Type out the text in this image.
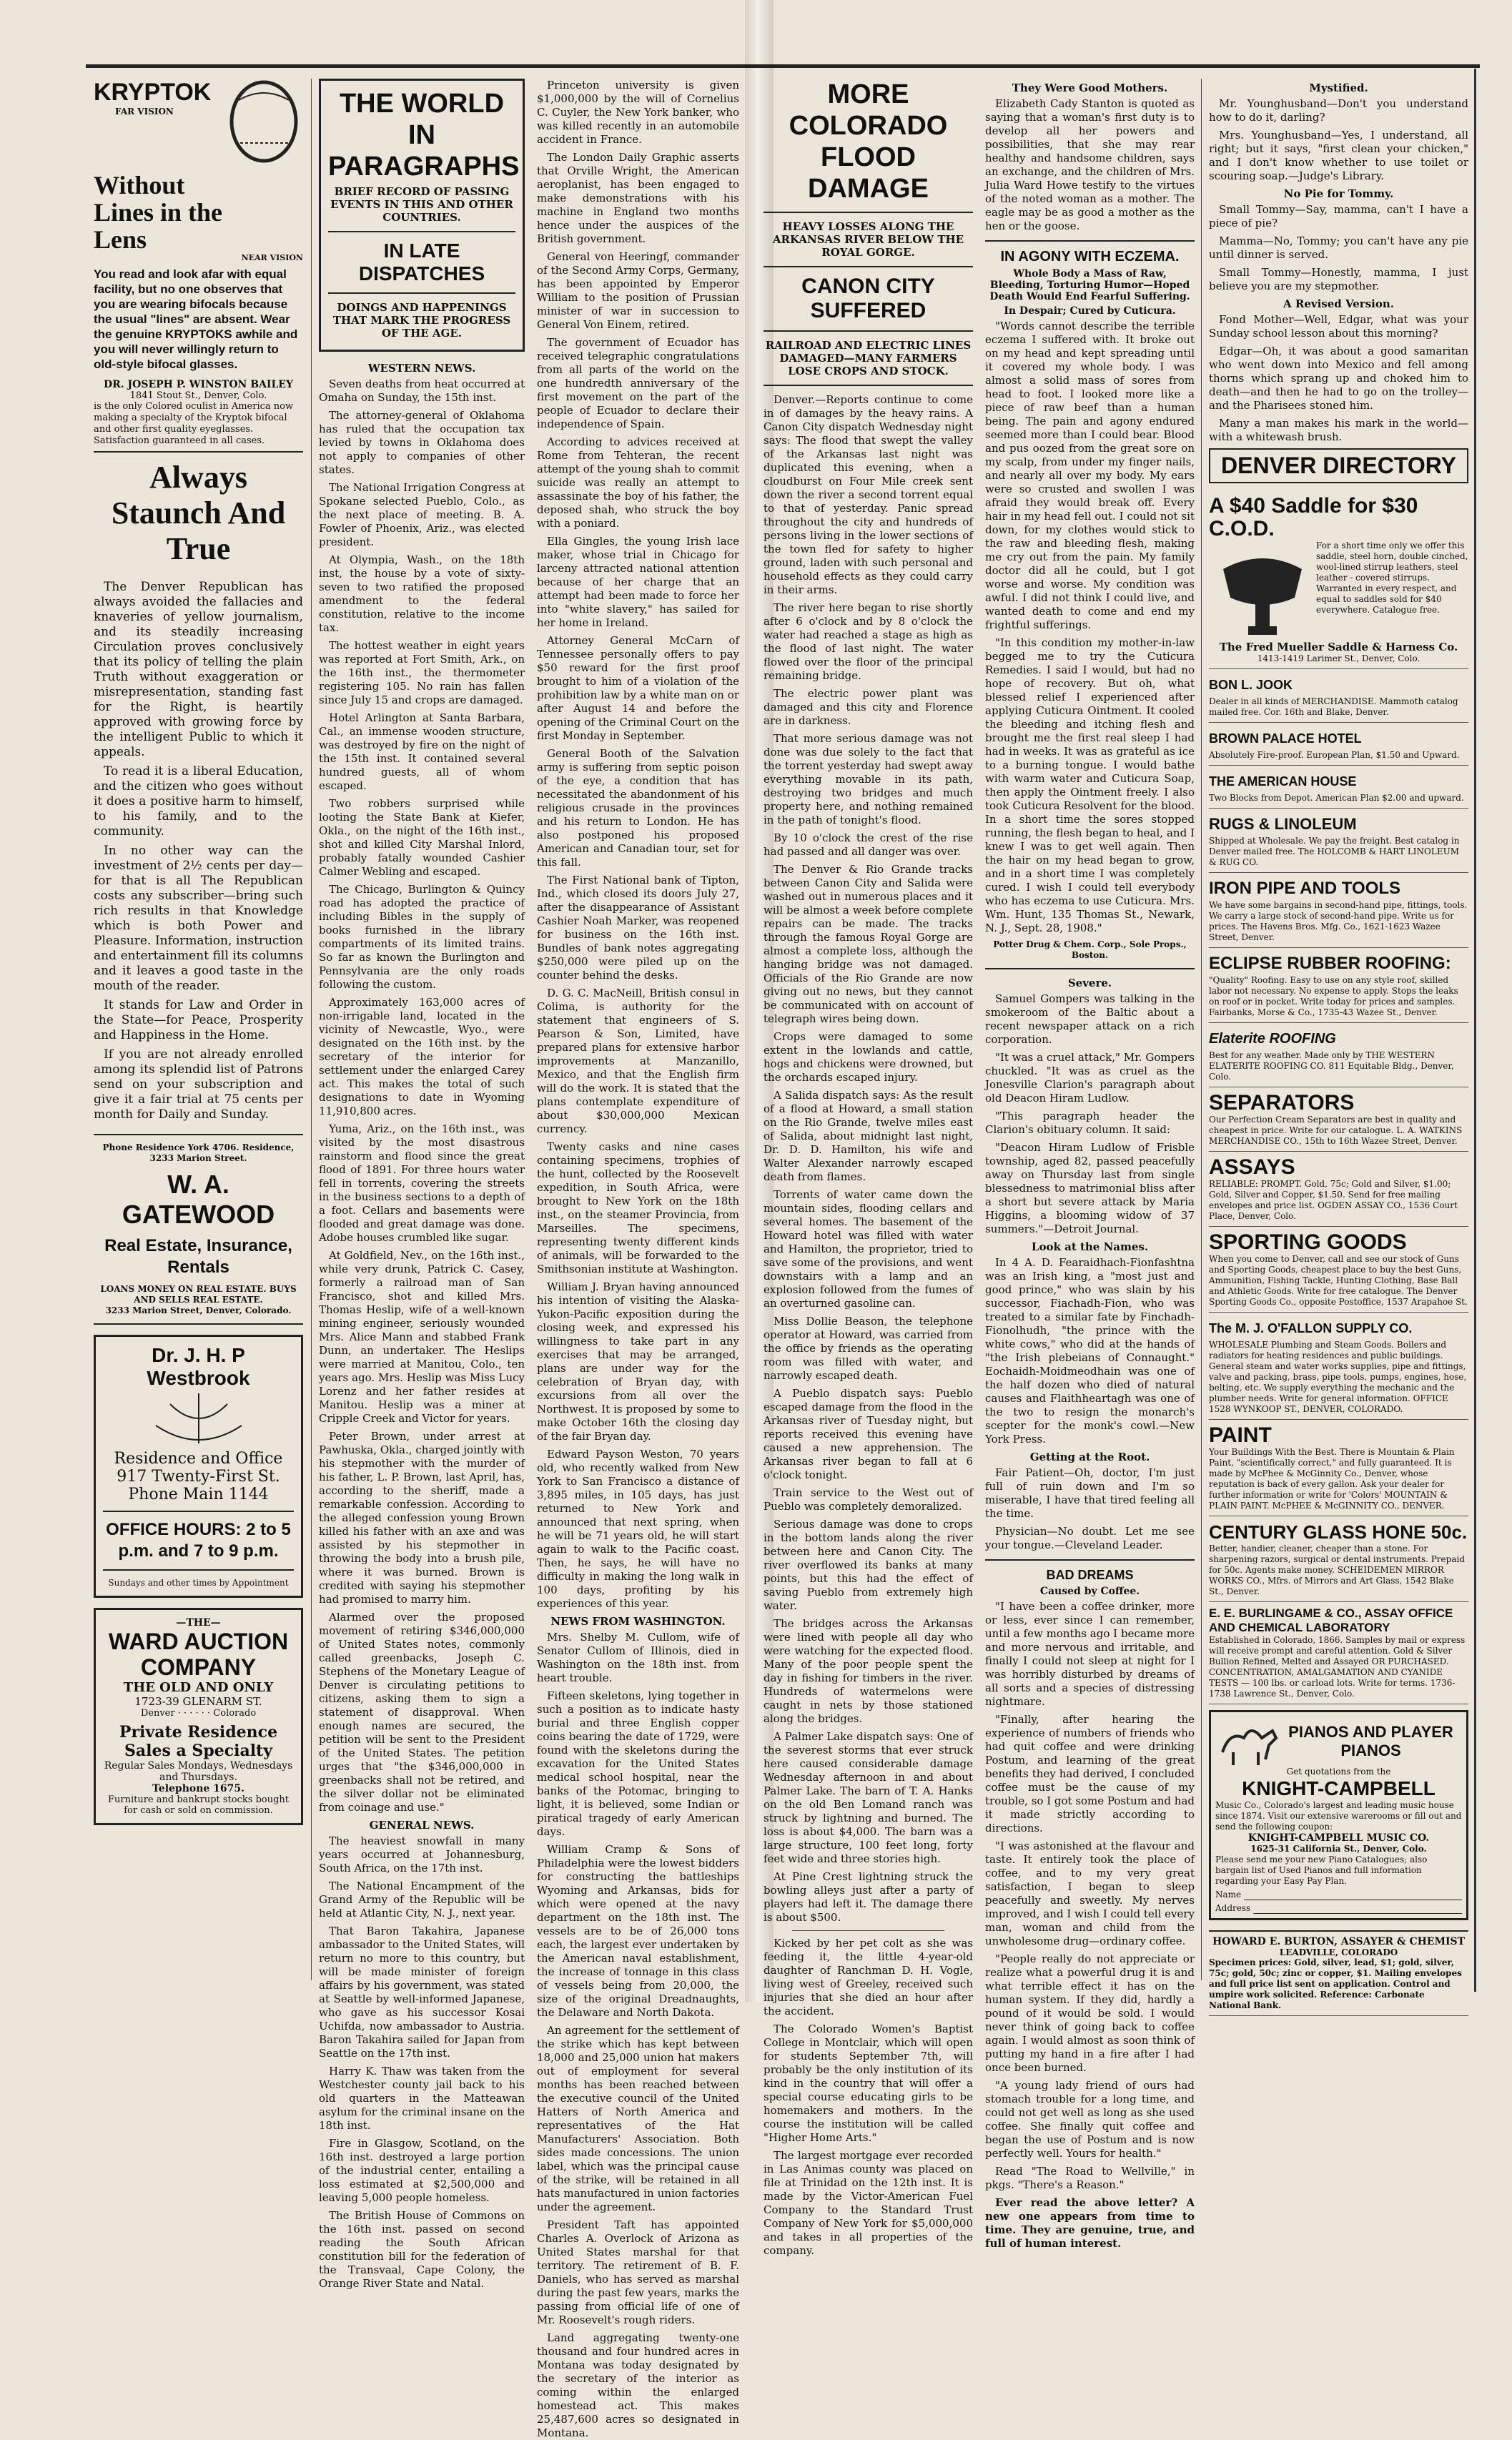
KRYPTOK
FAR VISION
Without Lines in the Lens
NEAR VISION
You read and look afar with equal facility, but no one observes that you are wearing bifocals because the usual "lines" are absent. Wear the genuine KRYPTOKS awhile and you will never willingly return to old-style bifocal glasses.
DR. JOSEPH P. WINSTON BAILEY
1841 Stout St., Denver, Colo.
is the only Colored oculist in America now making a specialty of the Kryptok bifocal and other first quality eyeglasses. Satisfaction guaranteed in all cases.
Always Staunch And True

The Denver Republican has always avoided the fallacies and knaveries of yellow journalism, and its steadily increasing Circulation proves conclusively that its policy of telling the plain Truth without exaggeration or misrepresentation, standing fast for the Right, is heartily approved with growing force by the intelligent Public to which it appeals.

To read it is a liberal Education, and the citizen who goes without it does a positive harm to himself, to his family, and to the community.

In no other way can the investment of 2½ cents per day—for that is all The Republican costs any subscriber—bring such rich results in that Knowledge which is both Power and Pleasure. Information, instruction and entertainment fill its columns and it leaves a good taste in the mouth of the reader.

It stands for Law and Order in the State—for Peace, Prosperity and Happiness in the Home.

If you are not already enrolled among its splendid list of Patrons send on your subscription and give it a fair trial at 75 cents per month for Daily and Sunday.

Phone Residence York 4706. Residence, 3233 Marion Street.
W. A. GATEWOOD
Real Estate, Insurance, Rentals
LOANS MONEY ON REAL ESTATE. BUYS AND SELLS REAL ESTATE.
3233 Marion Street, Denver, Colorado.
Dr. J. H. P Westbrook
Residence and Office
917 Twenty-First St.
Phone Main 1144
OFFICE HOURS: 2 to 5 p.m. and 7 to 9 p.m.
Sundays and other times by Appointment
—THE—
WARD AUCTION COMPANY
THE OLD AND ONLY
1723-39 GLENARM ST.
Denver · · · · · · Colorado
Private Residence Sales a Specialty
Regular Sales Mondays, Wednesdays and Thursdays.
Telephone 1675.
Furniture and bankrupt stocks bought for cash or sold on commission.
THE WORLD IN PARAGRAPHS
BRIEF RECORD OF PASSING EVENTS IN THIS AND OTHER COUNTRIES.
IN LATE DISPATCHES
DOINGS AND HAPPENINGS THAT MARK THE PROGRESS OF THE AGE.
WESTERN NEWS.

Seven deaths from heat occurred at Omaha on Sunday, the 15th inst.

The attorney-general of Oklahoma has ruled that the occupation tax levied by towns in Oklahoma does not apply to companies of other states.

The National Irrigation Congress at Spokane selected Pueblo, Colo., as the next place of meeting. B. A. Fowler of Phoenix, Ariz., was elected president.

At Olympia, Wash., on the 18th inst, the house by a vote of sixty-seven to two ratified the proposed amendment to the federal constitution, relative to the income tax.

The hottest weather in eight years was reported at Fort Smith, Ark., on the 16th inst., the thermometer registering 105. No rain has fallen since July 15 and crops are damaged.

Hotel Arlington at Santa Barbara, Cal., an immense wooden structure, was destroyed by fire on the night of the 15th inst. It contained several hundred guests, all of whom escaped.

Two robbers surprised while looting the State Bank at Kiefer, Okla., on the night of the 16th inst., shot and killed City Marshal Inlord, probably fatally wounded Cashier Calmer Webling and escaped.

The Chicago, Burlington & Quincy road has adopted the practice of including Bibles in the supply of books furnished in the library compartments of its limited trains. So far as known the Burlington and Pennsylvania are the only roads following the custom.

Approximately 163,000 acres of non-irrigable land, located in the vicinity of Newcastle, Wyo., were designated on the 16th inst. by the secretary of the interior for settlement under the enlarged Carey act. This makes the total of such designations to date in Wyoming 11,910,800 acres.

Yuma, Ariz., on the 16th inst., was visited by the most disastrous rainstorm and flood since the great flood of 1891. For three hours water fell in torrents, covering the streets in the business sections to a depth of a foot. Cellars and basements were flooded and great damage was done. Adobe houses crumbled like sugar.

At Goldfield, Nev., on the 16th inst., while very drunk, Patrick C. Casey, formerly a railroad man of San Francisco, shot and killed Mrs. Thomas Heslip, wife of a well-known mining engineer, seriously wounded Mrs. Alice Mann and stabbed Frank Dunn, an undertaker. The Heslips were married at Manitou, Colo., ten years ago. Mrs. Heslip was Miss Lucy Lorenz and her father resides at Manitou. Heslip was a miner at Cripple Creek and Victor for years.

Peter Brown, under arrest at Pawhuska, Okla., charged jointly with his stepmother with the murder of his father, L. P. Brown, last April, has, according to the sheriff, made a remarkable confession. According to the alleged confession young Brown killed his father with an axe and was assisted by his stepmother in throwing the body into a brush pile, where it was burned. Brown is credited with saying his stepmother had promised to marry him.

Alarmed over the proposed movement of retiring $346,000,000 of United States notes, commonly called greenbacks, Joseph C. Stephens of the Monetary League of Denver is circulating petitions to citizens, asking them to sign a statement of disapproval. When enough names are secured, the petition will be sent to the President of the United States. The petition urges that "the $346,000,000 in greenbacks shall not be retired, and the silver dollar not be eliminated from coinage and use."

GENERAL NEWS.

The heaviest snowfall in many years occurred at Johannesburg, South Africa, on the 17th inst.

The National Encampment of the Grand Army of the Republic will be held at Atlantic City, N. J., next year.

That Baron Takahira, Japanese ambassador to the United States, will return no more to this country, but will be made minister of foreign affairs by his government, was stated at Seattle by well-informed Japanese, who gave as his successor Kosai Uchifda, now ambassador to Austria. Baron Takahira sailed for Japan from Seattle on the 17th inst.

Harry K. Thaw was taken from the Westchester county jail back to his old quarters in the Matteawan asylum for the criminal insane on the 18th inst.

Fire in Glasgow, Scotland, on the 16th inst. destroyed a large portion of the industrial center, entailing a loss estimated at $2,500,000 and leaving 5,000 people homeless.

The British House of Commons on the 16th inst. passed on second reading the South African constitution bill for the federation of the Transvaal, Cape Colony, the Orange River State and Natal.

Princeton university is given $1,000,000 by the will of Cornelius C. Cuyler, the New York banker, who was killed recently in an automobile accident in France.

The London Daily Graphic asserts that Orville Wright, the American aeroplanist, has been engaged to make demonstrations with his machine in England two months hence under the auspices of the British government.

General von Heeringf, commander of the Second Army Corps, Germany, has been appointed by Emperor William to the position of Prussian minister of war in succession to General Von Einem, retired.

The government of Ecuador has received telegraphic congratulations from all parts of the world on the one hundredth anniversary of the first movement on the part of the people of Ecuador to declare their independence of Spain.

According to advices received at Rome from Tehteran, the recent attempt of the young shah to commit suicide was really an attempt to assassinate the boy of his father, the deposed shah, who struck the boy with a poniard.

Ella Gingles, the young Irish lace maker, whose trial in Chicago for larceny attracted national attention because of her charge that an attempt had been made to force her into "white slavery," has sailed for her home in Ireland.

Attorney General McCarn of Tennessee personally offers to pay $50 reward for the first proof brought to him of a violation of the prohibition law by a white man on or after August 14 and before the opening of the Criminal Court on the first Monday in September.

General Booth of the Salvation army is suffering from septic poison of the eye, a condition that has necessitated the abandonment of his religious crusade in the provinces and his return to London. He has also postponed his proposed American and Canadian tour, set for this fall.

The First National bank of Tipton, Ind., which closed its doors July 27, after the disappearance of Assistant Cashier Noah Marker, was reopened for business on the 16th inst. Bundles of bank notes aggregating $250,000 were piled up on the counter behind the desks.

D. G. C. MacNeill, British consul in Colima, is authority for the statement that engineers of S. Pearson & Son, Limited, have prepared plans for extensive harbor improvements at Manzanillo, Mexico, and that the English firm will do the work. It is stated that the plans contemplate expenditure of about $30,000,000 Mexican currency.

Twenty casks and nine cases containing specimens, trophies of the hunt, collected by the Roosevelt expedition, in South Africa, were brought to New York on the 18th inst., on the steamer Provincia, from Marseilles. The specimens, representing twenty different kinds of animals, will be forwarded to the Smithsonian institute at Washington.

William J. Bryan having announced his intention of visiting the Alaska-Yukon-Pacific exposition during the closing week, and expressed his willingness to take part in any exercises that may be arranged, plans are under way for the celebration of Bryan day, with excursions from all over the Northwest. It is proposed by some to make October 16th the closing day of the fair Bryan day.

Edward Payson Weston, 70 years old, who recently walked from New York to San Francisco a distance of 3,895 miles, in 105 days, has just returned to New York and announced that next spring, when he will be 71 years old, he will start again to walk to the Pacific coast. Then, he says, he will have no difficulty in making the long walk in 100 days, profiting by his experiences of this year.

NEWS FROM WASHINGTON.

Mrs. Shelby M. Cullom, wife of Senator Cullom of Illinois, died in Washington on the 18th inst. from heart trouble.

Fifteen skeletons, lying together in such a position as to indicate hasty burial and three English copper coins bearing the date of 1729, were found with the skeletons during the excavation for the United States medical school hospital, near the banks of the Potomac, bringing to light, it is believed, some Indian or piratical tragedy of early American days.

William Cramp & Sons of Philadelphia were the lowest bidders for constructing the battleships Wyoming and Arkansas, bids for which were opened at the navy department on the 18th inst. The vessels are to be of 26,000 tons each, the largest ever undertaken by the American naval establishment, the increase of tonnage in this class of vessels being from 20,000, the size of the original Dreadnaughts, the Delaware and North Dakota.

An agreement for the settlement of the strike which has kept between 18,000 and 25,000 union hat makers out of employment for several months has been reached between the executive council of the United Hatters of North America and representatives of the Hat Manufacturers' Association. Both sides made concessions. The union label, which was the principal cause of the strike, will be retained in all hats manufactured in union factories under the agreement.

President Taft has appointed Charles A. Overlock of Arizona as United States marshal for that territory. The retirement of B. F. Daniels, who has served as marshal during the past few years, marks the passing from official life of one of Mr. Roosevelt's rough riders.

Land aggregating twenty-one thousand and four hundred acres in Montana was today designated by the secretary of the interior as coming within the enlarged homestead act. This makes 25,487,600 acres so designated in Montana.

MORE COLORADO FLOOD DAMAGE
HEAVY LOSSES ALONG THE ARKANSAS RIVER BELOW THE ROYAL GORGE.
CANON CITY SUFFERED
RAILROAD AND ELECTRIC LINES DAMAGED—MANY FARMERS LOSE CROPS AND STOCK.

Denver.—Reports continue to come in of damages by the heavy rains. A Canon City dispatch Wednesday night says: The flood that swept the valley of the Arkansas last night was duplicated this evening, when a cloudburst on Four Mile creek sent down the river a second torrent equal to that of yesterday. Panic spread throughout the city and hundreds of persons living in the lower sections of the town fled for safety to higher ground, laden with such personal and household effects as they could carry in their arms.

The river here began to rise shortly after 6 o'clock and by 8 o'clock the water had reached a stage as high as the flood of last night. The water flowed over the floor of the principal remaining bridge.

The electric power plant was damaged and this city and Florence are in darkness.

That more serious damage was not done was due solely to the fact that the torrent yesterday had swept away everything movable in its path, destroying two bridges and much property here, and nothing remained in the path of tonight's flood.

By 10 o'clock the crest of the rise had passed and all danger was over.

The Denver & Rio Grande tracks between Canon City and Salida were washed out in numerous places and it will be almost a week before complete repairs can be made. The tracks through the famous Royal Gorge are almost a complete loss, although the hanging bridge was not damaged. Officials of the Rio Grande are now giving out no news, but they cannot be communicated with on account of telegraph wires being down.

Crops were damaged to some extent in the lowlands and cattle, hogs and chickens were drowned, but the orchards escaped injury.

A Salida dispatch says: As the result of a flood at Howard, a small station on the Rio Grande, twelve miles east of Salida, about midnight last night, Dr. D. D. Hamilton, his wife and Walter Alexander narrowly escaped death from flames.

Torrents of water came down the mountain sides, flooding cellars and several homes. The basement of the Howard hotel was filled with water and Hamilton, the proprietor, tried to save some of the provisions, and went downstairs with a lamp and an explosion followed from the fumes of an overturned gasoline can.

Miss Dollie Beason, the telephone operator at Howard, was carried from the office by friends as the operating room was filled with water, and narrowly escaped death.

A Pueblo dispatch says: Pueblo escaped damage from the flood in the Arkansas river of Tuesday night, but reports received this evening have caused a new apprehension. The Arkansas river began to fall at 6 o'clock tonight.

Train service to the West out of Pueblo was completely demoralized.

Serious damage was done to crops in the bottom lands along the river between here and Canon City. The river overflowed its banks at many points, but this had the effect of saving Pueblo from extremely high water.

The bridges across the Arkansas were lined with people all day who were watching for the expected flood. Many of the poor people spent the day in fishing for timbers in the river. Hundreds of watermelons were caught in nets by those stationed along the bridges.

A Palmer Lake dispatch says: One of the severest storms that ever struck here caused considerable damage Wednesday afternoon in and about Palmer Lake. The barn of T. A. Hanks on the old Ben Lomand ranch was struck by lightning and burned. The loss is about $4,000. The barn was a large structure, 100 feet long, forty feet wide and three stories high.

At Pine Crest lightning struck the bowling alleys just after a party of players had left it. The damage there is about $500.

Kicked by her pet colt as she was feeding it, the little 4-year-old daughter of Ranchman D. H. Vogle, living west of Greeley, received such injuries that she died an hour after the accident.

The Colorado Women's Baptist College in Montclair, which will open for students September 7th, will probably be the only institution of its kind in the country that will offer a special course educating girls to be homemakers and mothers. In the course the institution will be called "Higher Home Arts."

The largest mortgage ever recorded in Las Animas county was placed on file at Trinidad on the 12th inst. It is made by the Victor-American Fuel Company to the Standard Trust Company of New York for $5,000,000 and takes in all properties of the company.

They Were Good Mothers.

Elizabeth Cady Stanton is quoted as saying that a woman's first duty is to develop all her powers and possibilities, that she may rear healthy and handsome children, says an exchange, and the children of Mrs. Julia Ward Howe testify to the virtues of the noted woman as a mother. The eagle may be as good a mother as the hen or the goose.

IN AGONY WITH ECZEMA.
Whole Body a Mass of Raw, Bleeding, Torturing Humor—Hoped Death Would End Fearful Suffering.
In Despair; Cured by Cuticura.

"Words cannot describe the terrible eczema I suffered with. It broke out on my head and kept spreading until it covered my whole body. I was almost a solid mass of sores from head to foot. I looked more like a piece of raw beef than a human being. The pain and agony endured seemed more than I could bear. Blood and pus oozed from the great sore on my scalp, from under my finger nails, and nearly all over my body. My ears were so crusted and swollen I was afraid they would break off. Every hair in my head fell out. I could not sit down, for my clothes would stick to the raw and bleeding flesh, making me cry out from the pain. My family doctor did all he could, but I got worse and worse. My condition was awful. I did not think I could live, and wanted death to come and end my frightful sufferings.

"In this condition my mother-in-law begged me to try the Cuticura Remedies. I said I would, but had no hope of recovery. But oh, what blessed relief I experienced after applying Cuticura Ointment. It cooled the bleeding and itching flesh and brought me the first real sleep I had had in weeks. It was as grateful as ice to a burning tongue. I would bathe with warm water and Cuticura Soap, then apply the Ointment freely. I also took Cuticura Resolvent for the blood. In a short time the sores stopped running, the flesh began to heal, and I knew I was to get well again. Then the hair on my head began to grow, and in a short time I was completely cured. I wish I could tell everybody who has eczema to use Cuticura. Mrs. Wm. Hunt, 135 Thomas St., Newark, N. J., Sept. 28, 1908."

Potter Drug & Chem. Corp., Sole Props., Boston.
Severe.

Samuel Gompers was talking in the smokeroom of the Baltic about a recent newspaper attack on a rich corporation.

"It was a cruel attack," Mr. Gompers chuckled. "It was as cruel as the Jonesville Clarion's paragraph about old Deacon Hiram Ludlow.

"This paragraph header the Clarion's obituary column. It said:

"Deacon Hiram Ludlow of Frisble township, aged 82, passed peacefully away on Thursday last from single blessedness to matrimonial bliss after a short but severe attack by Maria Higgins, a blooming widow of 37 summers."—Detroit Journal.

Look at the Names.

In 4 A. D. Fearaidhach-Fionfashtna was an Irish king, a "most just and good prince," who was slain by his successor, Fiachadh-Fion, who was treated to a similar fate by Finchadh-Fionolhudh, "the prince with the white cows," who did at the hands of "the Irish plebeians of Connaught." Eochaidh-Moidmeodhain was one of the half dozen who died of natural causes and Flaithheartagh was one of the two to resign the monarch's scepter for the monk's cowl.—New York Press.

Getting at the Root.

Fair Patient—Oh, doctor, I'm just full of ruin down and I'm so miserable, I have that tired feeling all the time.

Physician—No doubt. Let me see your tongue.—Cleveland Leader.

BAD DREAMS
Caused by Coffee.

"I have been a coffee drinker, more or less, ever since I can remember, until a few months ago I became more and more nervous and irritable, and finally I could not sleep at night for I was horribly disturbed by dreams of all sorts and a species of distressing nightmare.

"Finally, after hearing the experience of numbers of friends who had quit coffee and were drinking Postum, and learning of the great benefits they had derived, I concluded coffee must be the cause of my trouble, so I got some Postum and had it made strictly according to directions.

"I was astonished at the flavour and taste. It entirely took the place of coffee, and to my very great satisfaction, I began to sleep peacefully and sweetly. My nerves improved, and I wish I could tell every man, woman and child from the unwholesome drug—ordinary coffee.

"People really do not appreciate or realize what a powerful drug it is and what terrible effect it has on the human system. If they did, hardly a pound of it would be sold. I would never think of going back to coffee again. I would almost as soon think of putting my hand in a fire after I had once been burned.

"A young lady friend of ours had stomach trouble for a long time, and could not get well as long as she used coffee. She finally quit coffee and began the use of Postum and is now perfectly well. Yours for health."

Read "The Road to Wellville," in pkgs. "There's a Reason."

Ever read the above letter? A new one appears from time to time. They are genuine, true, and full of human interest.

Mystified.

Mr. Younghusband—Don't you understand how to do it, darling?

Mrs. Younghusband—Yes, I understand, all right; but it says, "first clean your chicken," and I don't know whether to use toilet or scouring soap.—Judge's Library.

No Pie for Tommy.

Small Tommy—Say, mamma, can't I have a piece of pie?

Mamma—No, Tommy; you can't have any pie until dinner is served.

Small Tommy—Honestly, mamma, I just believe you are my stepmother.

A Revised Version.

Fond Mother—Well, Edgar, what was your Sunday school lesson about this morning?

Edgar—Oh, it was about a good samaritan who went down into Mexico and fell among thorns which sprang up and choked him to death—and then he had to go on the trolley—and the Pharisees stoned him.

Many a man makes his mark in the world—with a whitewash brush.

DENVER DIRECTORY
A $40 Saddle for $30 C.O.D.
For a short time only we offer this saddle, steel horn, double cinched, wool-lined stirrup leathers, steel leather - covered stirrups. Warranted in every respect, and equal to saddles sold for $40 everywhere. Catalogue free.
The Fred Mueller Saddle & Harness Co.
1413-1419 Larimer St., Denver, Colo.
BON L. JOOK
Dealer in all kinds of MERCHANDISE. Mammoth catalog mailed free. Cor. 16th and Blake, Denver.
BROWN PALACE HOTEL
Absolutely Fire-proof. European Plan, $1.50 and Upward.
THE AMERICAN HOUSE
Two Blocks from Depot. American Plan $2.00 and upward.
RUGS & LINOLEUM
Shipped at Wholesale. We pay the freight. Best catalog in Denver mailed free. The HOLCOMB & HART LINOLEUM & RUG CO.
IRON PIPE AND TOOLS
We have some bargains in second-hand pipe, fittings, tools. We carry a large stock of second-hand pipe. Write us for prices. The Havens Bros. Mfg. Co., 1621-1623 Wazee Street, Denver.
ECLIPSE RUBBER ROOFING:
"Quality" Roofing. Easy to use on any style roof, skilled labor not necessary. No expense to apply. Stops the leaks on roof or in pocket. Write today for prices and samples. Fairbanks, Morse & Co., 1735-43 Wazee St., Denver.
Elaterite ROOFING
Best for any weather. Made only by THE WESTERN ELATERITE ROOFING CO. 811 Equitable Bldg., Denver, Colo.
SEPARATORS
Our Perfection Cream Separators are best in quality and cheapest in price. Write for our catalogue. L. A. WATKINS MERCHANDISE CO., 15th to 16th Wazee Street, Denver.
ASSAYS
RELIABLE: PROMPT. Gold, 75c; Gold and Silver, $1.00; Gold, Silver and Copper, $1.50. Send for free mailing envelopes and price list. OGDEN ASSAY CO., 1536 Court Place, Denver, Colo.
SPORTING GOODS
When you come to Denver, call and see our stock of Guns and Sporting Goods, cheapest place to buy the best Guns, Ammunition, Fishing Tackle, Hunting Clothing, Base Ball and Athletic Goods. Write for free catalogue. The Denver Sporting Goods Co., opposite Postoffice, 1537 Arapahoe St.
The M. J. O'FALLON SUPPLY CO.
WHOLESALE Plumbing and Steam Goods. Boilers and radiators for heating residences and public buildings. General steam and water works supplies, pipe and fittings, valve and packing, brass, pipe tools, pumps, engines, hose, belting, etc. We supply everything the mechanic and the plumber needs. Write for general information. OFFICE 1528 WYNKOOP ST., DENVER, COLORADO.
PAINT
Your Buildings With the Best. There is Mountain & Plain Paint, "scientifically correct," and fully guaranteed. It is made by McPhee & McGinnity Co., Denver, whose reputation is back of every gallon. Ask your dealer for further information or write for 'Colors' MOUNTAIN & PLAIN PAINT. McPHEE & McGINNITY CO., DENVER.
CENTURY GLASS HONE 50c.
Better, handier, cleaner, cheaper than a stone. For sharpening razors, surgical or dental instruments. Prepaid for 50c. Agents make money. SCHEIDEMEN MIRROR WORKS CO., Mfrs. of Mirrors and Art Glass, 1542 Blake St., Denver.
E. E. BURLINGAME & CO., ASSAY OFFICE AND CHEMICAL LABORATORY
Established in Colorado, 1866. Samples by mail or express will receive prompt and careful attention. Gold & Silver Bullion Refined, Melted and Assayed OR PURCHASED. CONCENTRATION, AMALGAMATION AND CYANIDE TESTS — 100 lbs. or carload lots. Write for terms. 1736-1738 Lawrence St., Denver, Colo.
PIANOS AND PLAYER PIANOS
Get quotations from the
KNIGHT-CAMPBELL
Music Co., Colorado's largest and leading music house since 1874. Visit our extensive warerooms or fill out and send the following coupon:
KNIGHT-CAMPBELL MUSIC CO.
1625-31 California St., Denver, Colo.
Please send me your new Piano Catalogues; also bargain list of Used Pianos and full information regarding your Easy Pay Plan.
Name
Address
HOWARD E. BURTON, ASSAYER & CHEMIST
LEADVILLE, COLORADO
Specimen prices: Gold, silver, lead, $1; gold, silver, 75c; gold, 50c; zinc or copper, $1. Mailing envelopes and full price list sent on application. Control and umpire work solicited. Reference: Carbonate National Bank.
